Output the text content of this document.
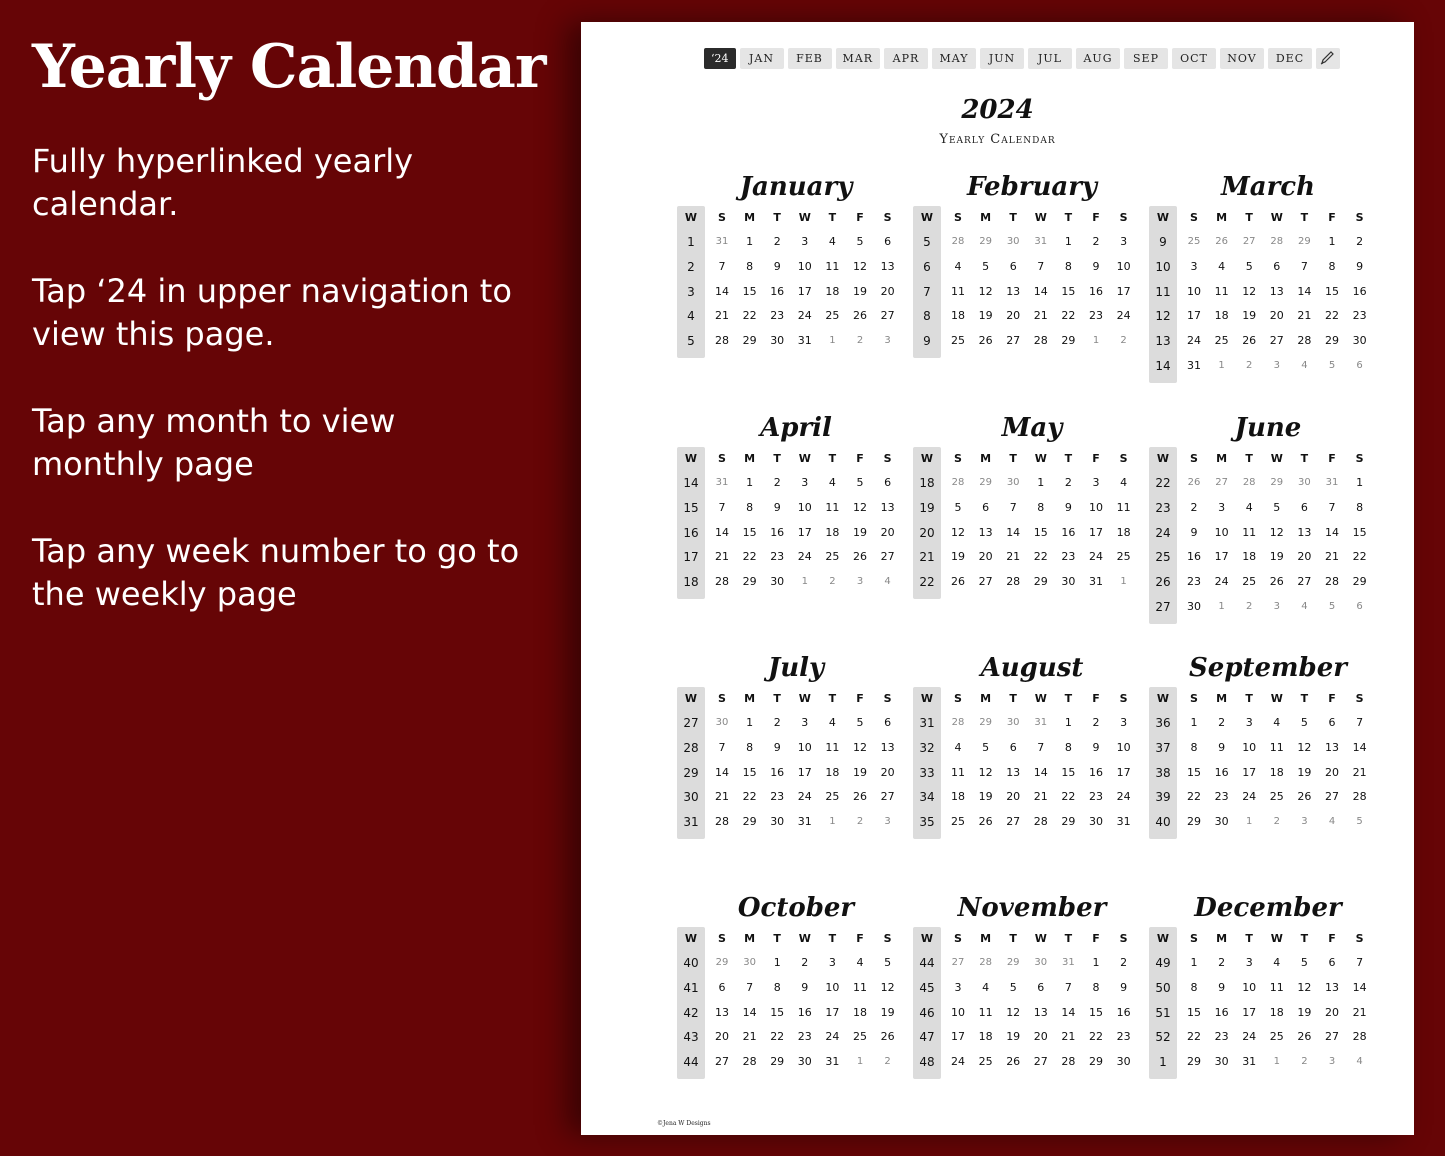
Yearly Calendar
Fully hyperlinked yearly calendar.
Tap ‘24 in upper navigation to
view this page.
Tap any month to view
monthly page
Tap any week number to go to
the weekly page
‘24	JAN	FEB	MAR	APR	MAY	JUN	JUL	AUG	SEP	OCT	NOV	DEC
2024
Yearly Calendar
January
W	S	M	T	W	T	F	S
1	31	1	2	3	4	5	6
2	7	8	9	10	11	12	13
3	14	15	16	17	18	19	20
4	21	22	23	24	25	26	27
5	28	29	30	31	1	2	3
February
W	S	M	T	W	T	F	S
5	28	29	30	31	1	2	3
6	4	5	6	7	8	9	10
7	11	12	13	14	15	16	17
8	18	19	20	21	22	23	24
9	25	26	27	28	29	1	2
March
W	S	M	T	W	T	F	S
9	25	26	27	28	29	1	2
10	3	4	5	6	7	8	9
11	10	11	12	13	14	15	16
12	17	18	19	20	21	22	23
13	24	25	26	27	28	29	30
14	31	1	2	3	4	5	6
April
W	S	M	T	W	T	F	S
14	31	1	2	3	4	5	6
15	7	8	9	10	11	12	13
16	14	15	16	17	18	19	20
17	21	22	23	24	25	26	27
18	28	29	30	1	2	3	4
May
W	S	M	T	W	T	F	S
18	28	29	30	1	2	3	4
19	5	6	7	8	9	10	11
20	12	13	14	15	16	17	18
21	19	20	21	22	23	24	25
22	26	27	28	29	30	31	1
June
W	S	M	T	W	T	F	S
22	26	27	28	29	30	31	1
23	2	3	4	5	6	7	8
24	9	10	11	12	13	14	15
25	16	17	18	19	20	21	22
26	23	24	25	26	27	28	29
27	30	1	2	3	4	5	6
July
W	S	M	T	W	T	F	S
27	30	1	2	3	4	5	6
28	7	8	9	10	11	12	13
29	14	15	16	17	18	19	20
30	21	22	23	24	25	26	27
31	28	29	30	31	1	2	3
August
W	S	M	T	W	T	F	S
31	28	29	30	31	1	2	3
32	4	5	6	7	8	9	10
33	11	12	13	14	15	16	17
34	18	19	20	21	22	23	24
35	25	26	27	28	29	30	31
September
W	S	M	T	W	T	F	S
36	1	2	3	4	5	6	7
37	8	9	10	11	12	13	14
38	15	16	17	18	19	20	21
39	22	23	24	25	26	27	28
40	29	30	1	2	3	4	5
October
W	S	M	T	W	T	F	S
40	29	30	1	2	3	4	5
41	6	7	8	9	10	11	12
42	13	14	15	16	17	18	19
43	20	21	22	23	24	25	26
44	27	28	29	30	31	1	2
November
W	S	M	T	W	T	F	S
44	27	28	29	30	31	1	2
45	3	4	5	6	7	8	9
46	10	11	12	13	14	15	16
47	17	18	19	20	21	22	23
48	24	25	26	27	28	29	30
December
W	S	M	T	W	T	F	S
49	1	2	3	4	5	6	7
50	8	9	10	11	12	13	14
51	15	16	17	18	19	20	21
52	22	23	24	25	26	27	28
1	29	30	31	1	2	3	4
©Jena W Designs
